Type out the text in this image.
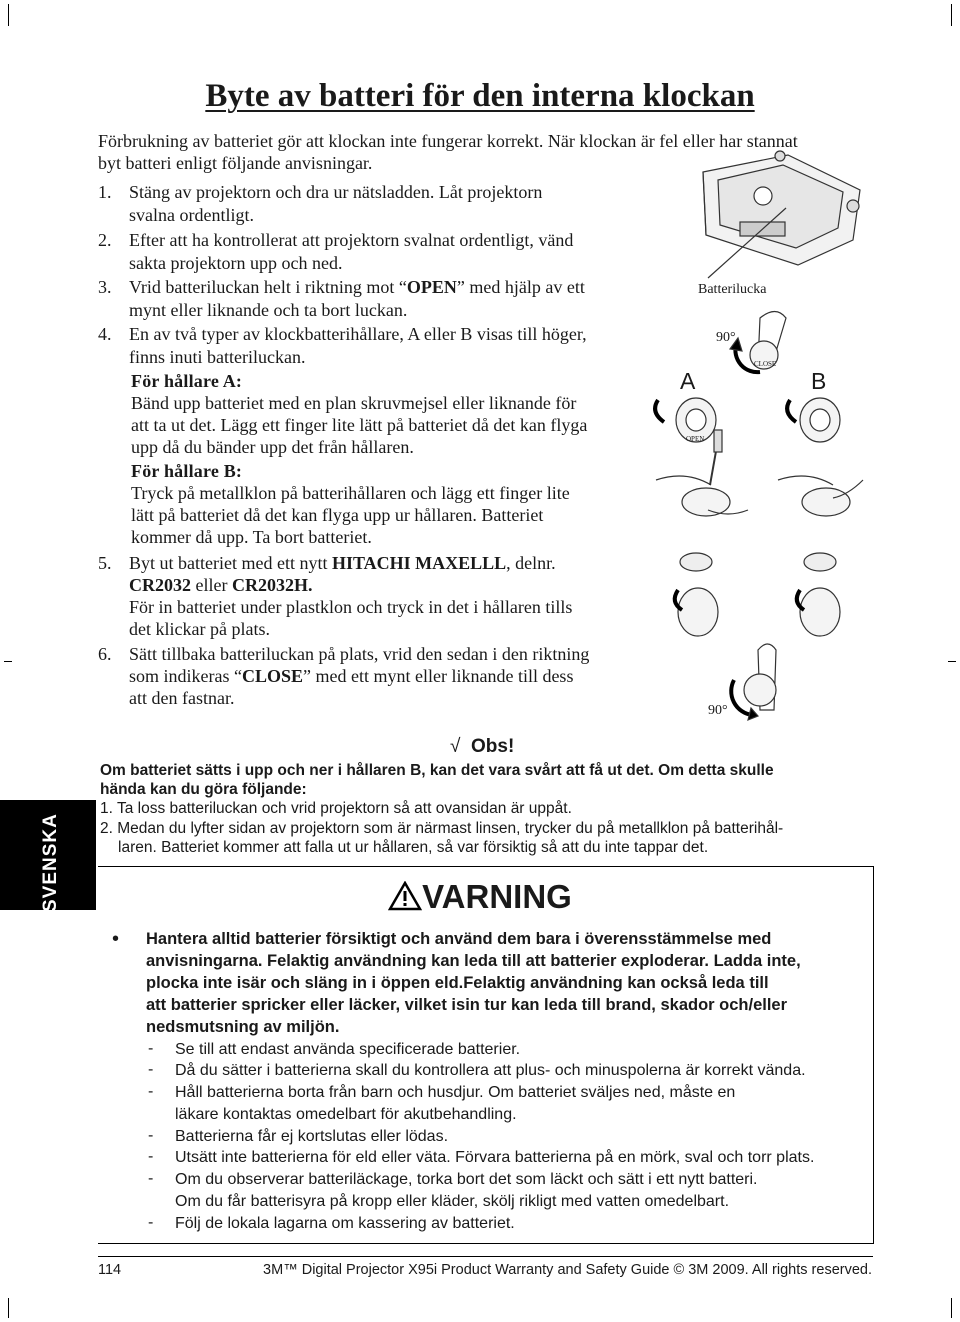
Byte av batteri för den interna klockan
Förbrukning av batteriet gör att klockan inte fungerar korrekt. När klockan är fel eller har stannat
byt batteri enligt följande anvisningar.
1. Stäng av projektorn och dra ur nätsladden. Låt projektorn
svalna ordentligt.
2. Efter att ha kontrollerat att projektorn svalnat ordentligt, vänd
sakta projektorn upp och ned.
3. Vrid batteriluckan helt i riktning mot “OPEN” med hjälp av ett
mynt eller liknande och ta bort luckan.
4. En av två typer av klockbatterihållare, A eller B visas till höger,
finns inuti batteriluckan.
För hållare A:
Bänd upp batteriet med en plan skruvmejsel eller liknande för
att ta ut det. Lägg ett finger lite lätt på batteriet då det kan flyga
upp då du bänder upp det från hållaren.
För hållare B:
Tryck på metallklon på batterihållaren och lägg ett finger lite
lätt på batteriet då det kan flyga upp ur hållaren. Batteriet
kommer då upp. Ta bort batteriet.
5. Byt ut batteriet med ett nytt HITACHI MAXELLL, delnr.
CR2032 eller CR2032H.
För in batteriet under plastklon och tryck in det i hållaren tills
det klickar på plats.
6. Sätt tillbaka batteriluckan på plats, vrid den sedan i den riktning
som indikeras “CLOSE” med ett mynt eller liknande till dess
att den fastnar.
Batterilucka
90°
A	B
CLOSE
OPEN
90°
SVENSKA
√ Obs!
Om batteriet sätts i upp och ner i hållaren B, kan det vara svårt att få ut det. Om detta skulle
hända kan du göra följande:
1. Ta loss batteriluckan och vrid projektorn så att ovansidan är uppåt.
2. Medan du lyfter sidan av projektorn som är närmast linsen, trycker du på metallklon på batterihål-
laren. Batteriet kommer att falla ut ur hållaren, så var försiktig så att du inte tappar det.
VARNING
• Hantera alltid batterier försiktigt och använd dem bara i överensstämmelse med
anvisningarna. Felaktig användning kan leda till att batterier exploderar. Ladda inte,
plocka inte isär och släng in i öppen eld.Felaktig användning kan också leda till
att batterier spricker eller läcker, vilket isin tur kan leda till brand, skador och/eller
nedsmutsning av miljön.
- Se till att endast använda specificerade batterier.
- Då du sätter i batterierna skall du kontrollera att plus- och minuspolerna är korrekt vända.
- Håll batterierna borta från barn och husdjur. Om batteriet sväljes ned, måste en
läkare kontaktas omedelbart för akutbehandling.
- Batterierna får ej kortslutas eller lödas.
- Utsätt inte batterierna för eld eller väta. Förvara batterierna på en mörk, sval och torr plats.
- Om du observerar batteriläckage, torka bort det som läckt och sätt i ett nytt batteri.
Om du får batterisyra på kropp eller kläder, skölj rikligt med vatten omedelbart.
- Följ de lokala lagarna om kassering av batteriet.
114	3M™ Digital Projector X95i Product Warranty and Safety Guide © 3M 2009. All rights reserved.
